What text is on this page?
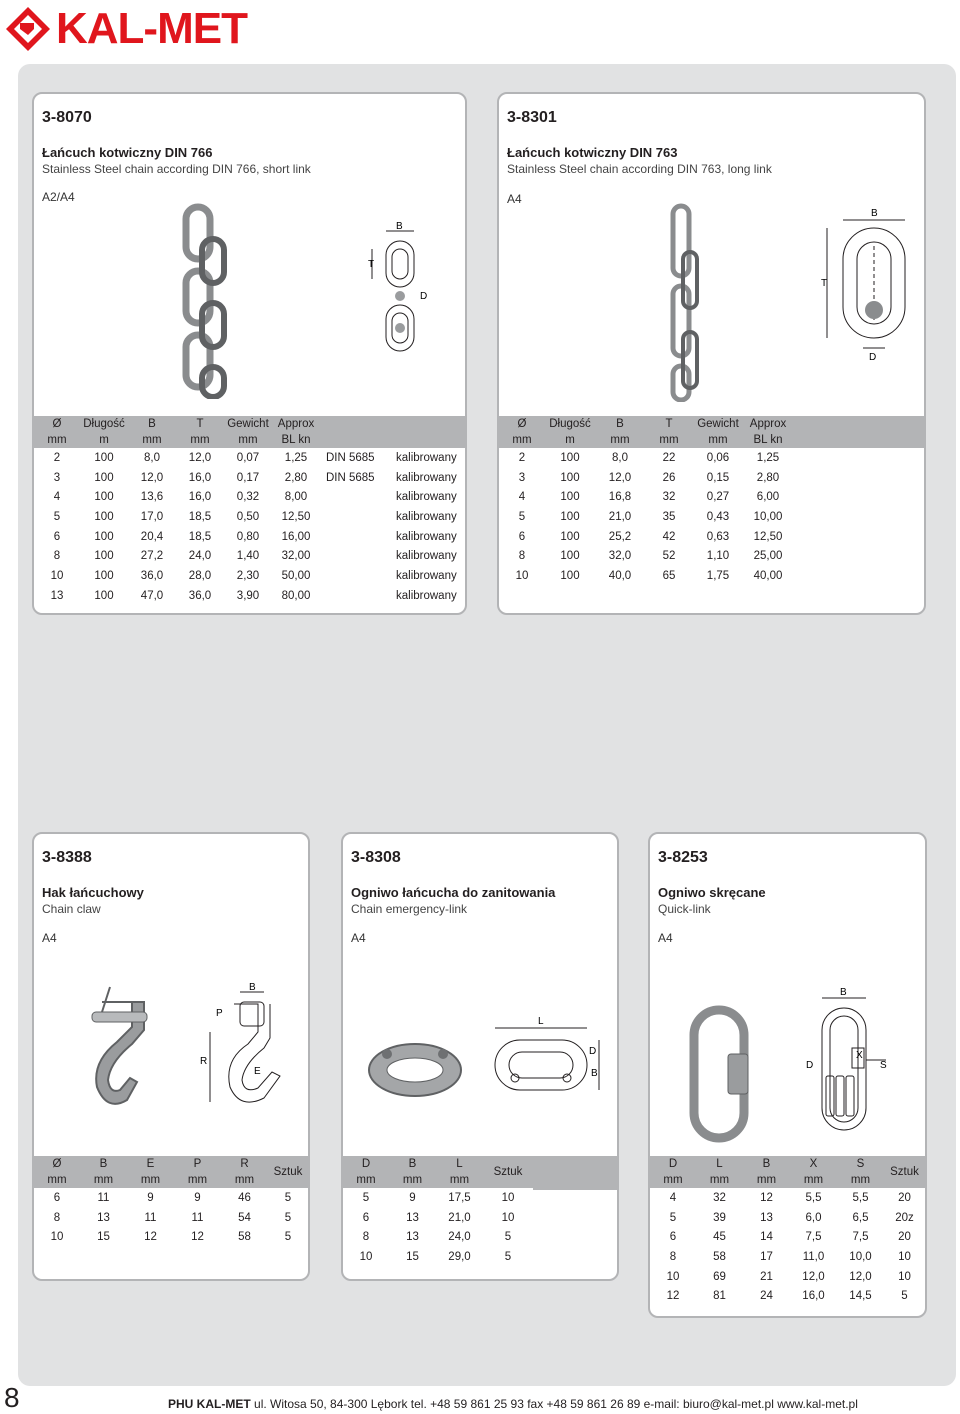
KAL-MET
3-8070
Łańcuch kotwiczny DIN 766
Stainless Steel chain according DIN 766, short link
A2/A4
B
T
D
Ø	Długość	B	T	Gewicht	Approx		
mm	m	mm	mm	mm	BL kn		
2	100	8,0	12,0	0,07	1,25	DIN 5685	kalibrowany
3	100	12,0	16,0	0,17	2,80	DIN 5685	kalibrowany
4	100	13,6	16,0	0,32	8,00		kalibrowany
5	100	17,0	18,5	0,50	12,50		kalibrowany
6	100	20,4	18,5	0,80	16,00		kalibrowany
8	100	27,2	24,0	1,40	32,00		kalibrowany
10	100	36,0	28,0	2,30	50,00		kalibrowany
13	100	47,0	36,0	3,90	80,00		kalibrowany
3-8301
Łańcuch kotwiczny DIN 763
Stainless Steel chain according DIN 763, long link
A4
B
T
D
Ø	Długość	B	T	Gewicht	Approx	
mm	m	mm	mm	mm	BL kn	
2	100	8,0	22	0,06	1,25	
3	100	12,0	26	0,15	2,80	
4	100	16,8	32	0,27	6,00	
5	100	21,0	35	0,43	10,00	
6	100	25,2	42	0,63	12,50	
8	100	32,0	52	1,10	25,00	
10	100	40,0	65	1,75	40,00	
3-8388
Hak łańcuchowy
Chain claw
A4
B
P
R
E
Ø	B	E	P	R	Sztuk
mm	mm	mm	mm	mm	
6	11	9	9	46	5
8	13	11	11	54	5
10	15	12	12	58	5
3-8308
Ogniwo łańcucha do zanitowania
Chain emergency-link
A4
L
D
B
D	B	L	Sztuk
mm	mm	mm	
5	9	17,5	10
6	13	21,0	10
8	13	24,0	5
10	15	29,0	5
3-8253
Ogniwo skręcane
Quick-link
A4
B
D
X
S
D	L	B	X	S	Sztuk
mm	mm	mm	mm	mm	
4	32	12	5,5	5,5	20
5	39	13	6,0	6,5	20z
6	45	14	7,5	7,5	20
8	58	17	11,0	10,0	10
10	69	21	12,0	12,0	10
12	81	24	16,0	14,5	5
8	PHU KAL-MET ul. Witosa 50, 84-300 Lębork tel. +48 59 861 25 93 fax +48 59 861 26 89 e-mail: biuro@kal-met.pl www.kal-met.pl
